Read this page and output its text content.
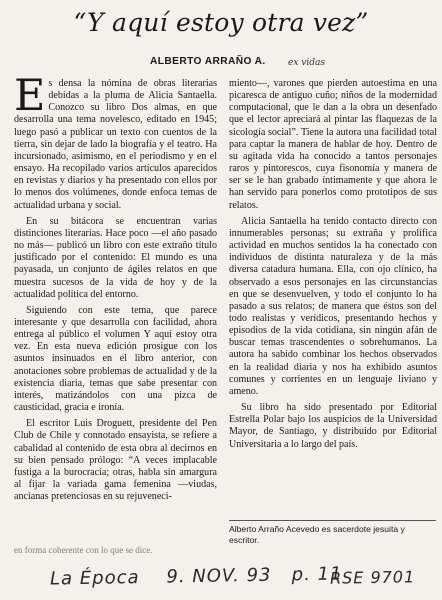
“Y aquí estoy otra vez”
ALBERTO ARRAÑO A. ex vidas

Es densa la nómina de obras literarias debidas a la pluma de Alicia Santaella. Conozco su libro Dos almas, en que desarrolla una tema novelesco, editado en 1945; luego pasó a publicar un texto con cuentos de la tierra, sin dejar de lado la biografía y el teatro. Ha incursionado, asimismo, en el periodismo y en el ensayo. Ha recopilado varios artículos aparecidos en revistas y diarios y ha presentado con ellos por lo menos dos volúmenes, donde enfoca temas de actualidad urbana y social.

En su bitácora se encuentran varias distinciones literarias. Hace poco —el año pasado no más— publicó un libro con este extraño título justificado por el contenido: El mundo es una payasada, un conjunto de ágiles relatos en que muestra sucesos de la vida de hoy y de la actualidad política del entorno.

Siguiendo con este tema, que parece interesante y que desarrolla con facilidad, ahora entrega al público el volumen Y aquí estoy otra vez. En esta nueva edición prosigue con los asuntos insinuados en el libro anterior, con anotaciones sobre problemas de actualidad y de la existencia diaria, temas que sabe presentar con interés, matizándolos con una pizca de causticidad, gracia e ironía.

El escritor Luis Droguett, presidente del Pen Club de Chile y connotado ensayista, se refiere a cabalidad al contenido de esta obra al decirnos en su bien pensado prólogo: “A veces implacable fustiga a la burocracia; otras, habla sin amargura al fijar la variada gama femenina —viudas, ancianas pretenciosas en su rejuveneci-

miento—, varones que pierden autoestima en una picaresca de antiguo cuño; niños de la modernidad computacional, que le dan a la obra un desenfado que el lector apreciará al pintar las flaquezas de la sicología social”. Tiene la autora una facilidad total para captar la manera de hablar de hoy. Dentro de su agitada vida ha conocido a tantos personajes raros y pintorescos, cuya fisonomía y manera de ser se le han grabado íntimamente y que ahora le han servido para ponerlos como prototipos de sus relatos.

Alicia Santaella ha tenido contacto directo con innumerables personas; su extraña y prolífica actividad en muchos sentidos la ha conectado con individuos de distinta naturaleza y de la más diversa catadura humana. Ella, con ojo clínico, ha observado a esos personajes en las circunstancias en que se desenvuelven, y todo el conjunto lo ha pasado a sus relatos; de manera que éstos son del todo realistas y verídicos, presentando hechos y episodios de la vida cotidiana, sin ningún afán de buscar temas trascendentes o sobrehumanos. La autora ha sabido combinar los hechos observados en la realidad diaria y nos ha exhibido asuntos comunes y corrientes en un lenguaje liviano y ameno.

Su libro ha sido presentado por Editorial Estrella Polar bajo los auspicios de la Universidad Mayor, de Santiago, y distribuido por Editorial Universitaria a lo largo del país.

Alberto Arraño Acevedo es sacerdote jesuita y escritor.
en forma coherente con lo que se dice.
La Época 9. NOV. 93 p. 11
RSE 9701
